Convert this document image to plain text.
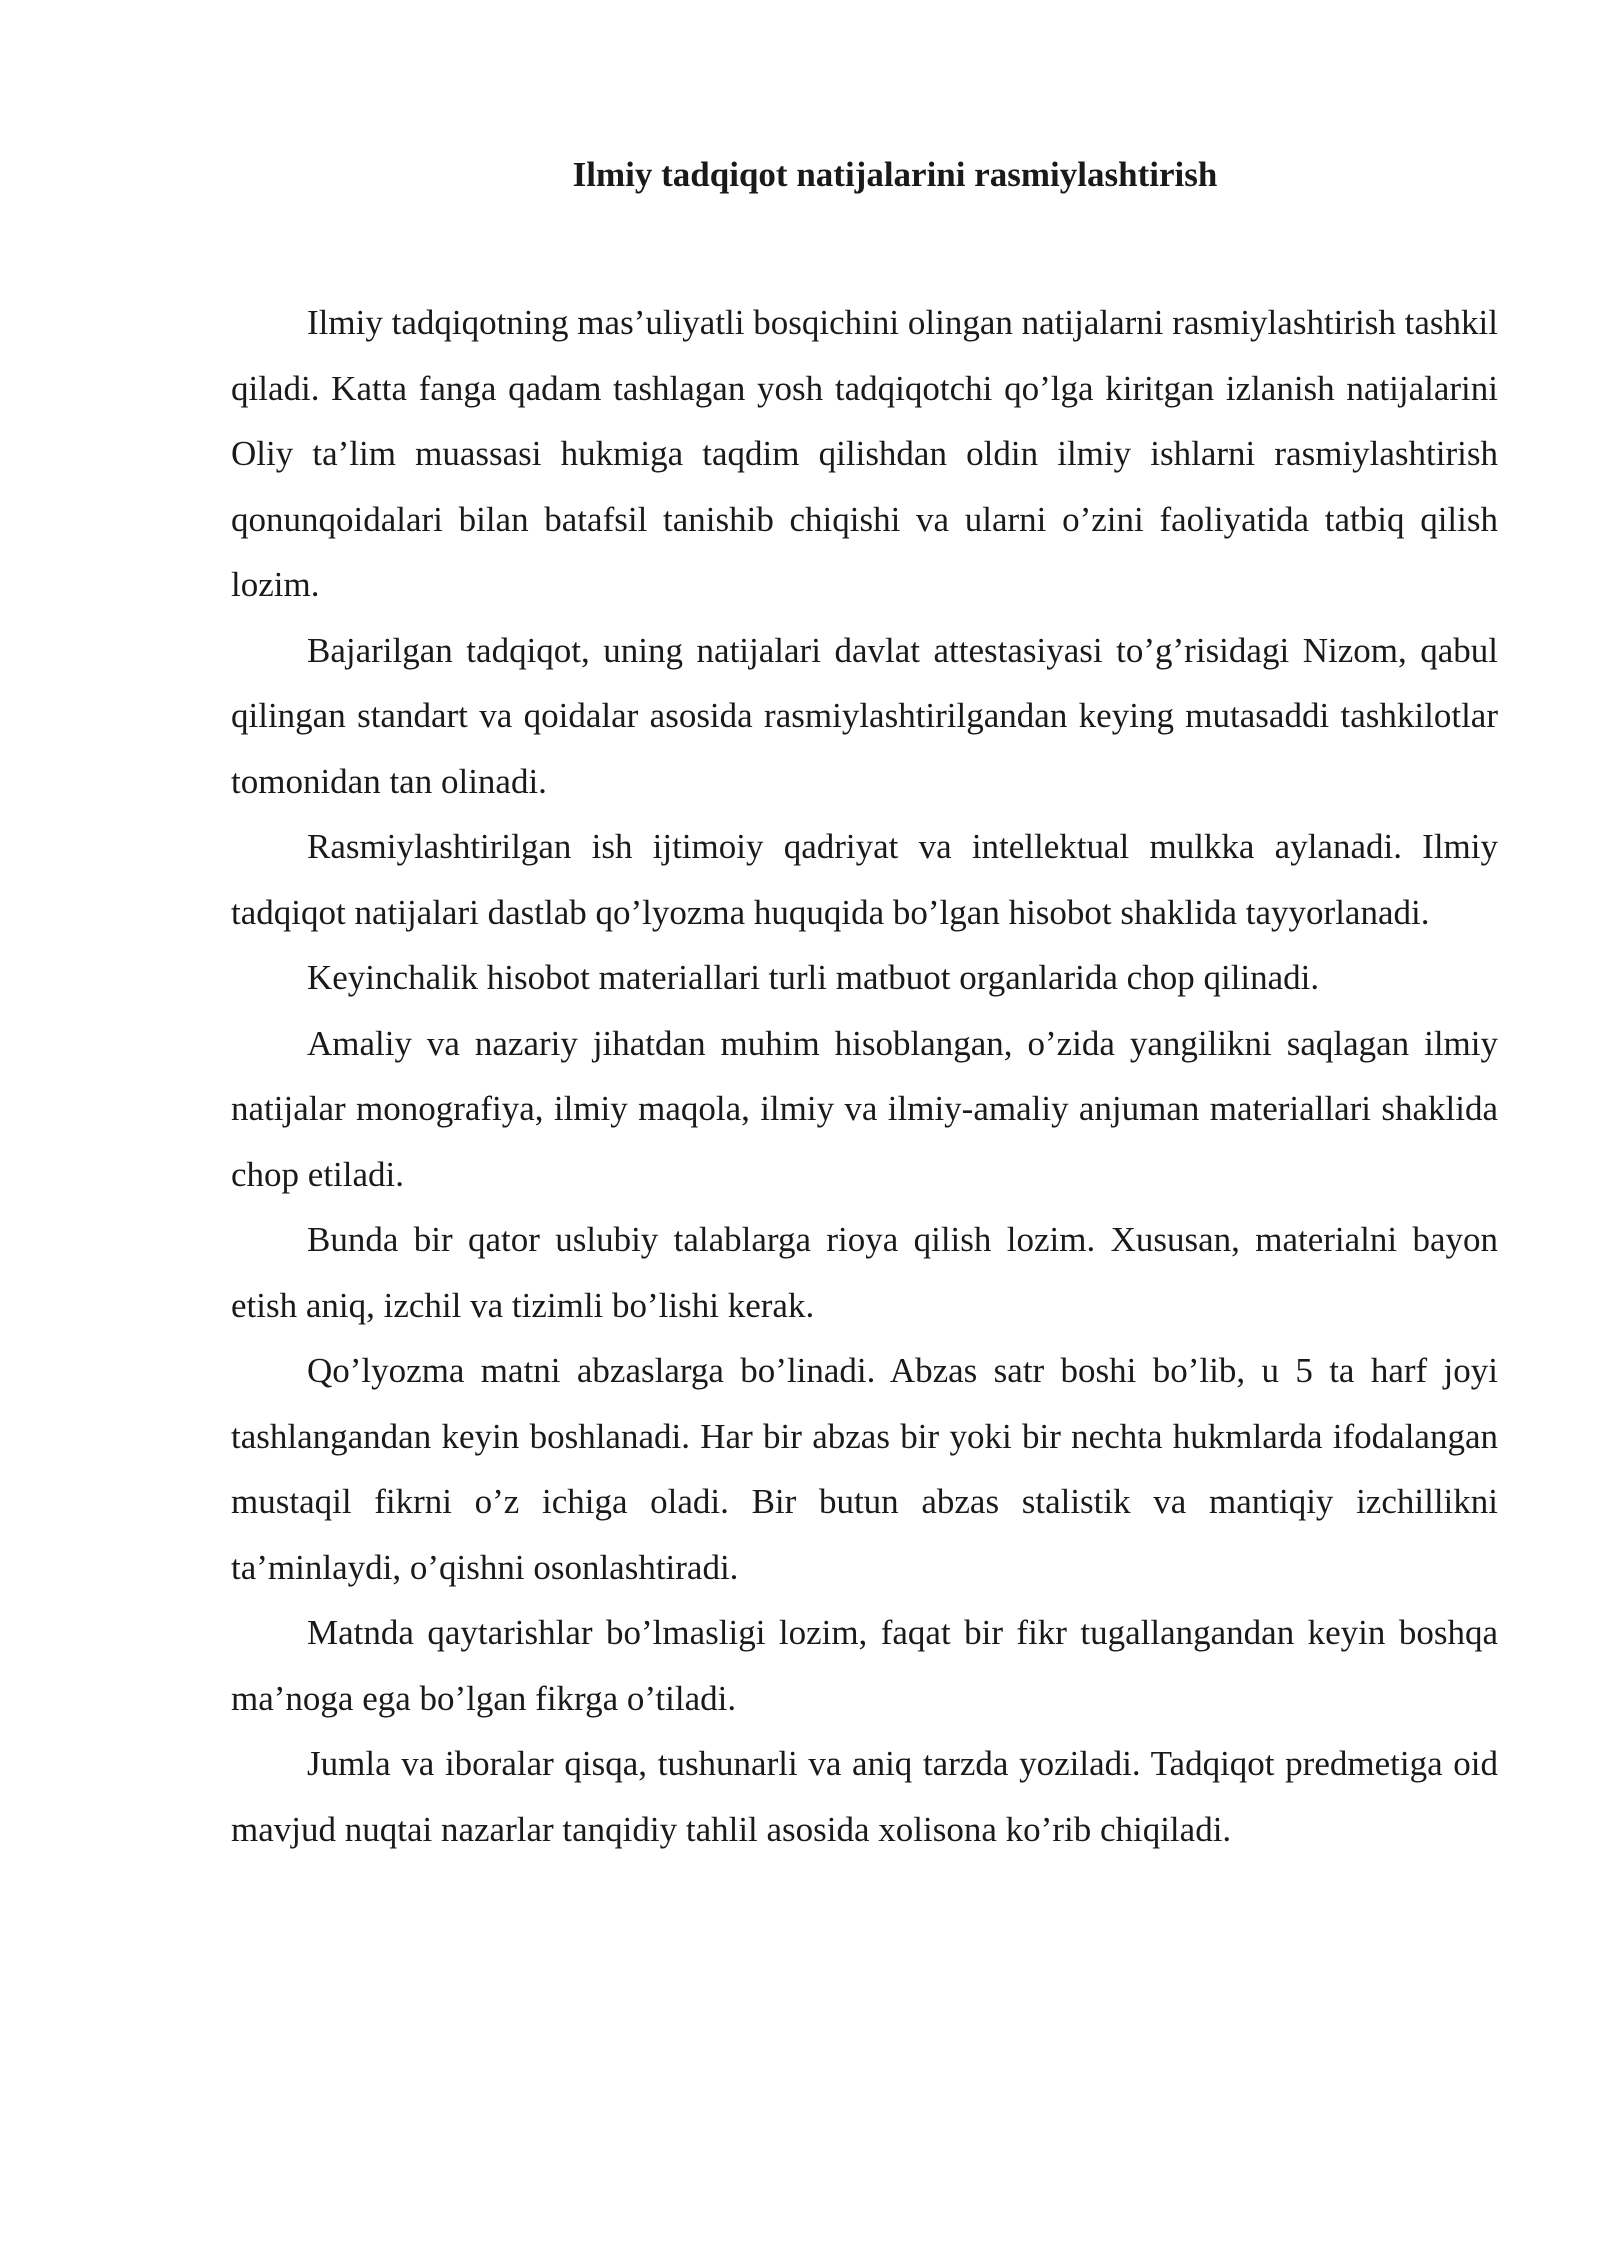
Ilmiy tadqiqot natijalarini rasmiylashtirish

Ilmiy tadqiqotning mas’uliyatli bosqichini olingan natijalarni rasmiylashtirish tashkil qiladi. Katta fanga qadam tashlagan yosh tadqiqotchi qo’lga kiritgan izlanish natijalarini Oliy ta’lim muassasi hukmiga taqdim qilishdan oldin ilmiy ishlarni rasmiylashtirish qonunqoidalari bilan batafsil tanishib chiqishi va ularni o’zini faoliyatida tatbiq qilish lozim.

Bajarilgan tadqiqot, uning natijalari davlat attestasiyasi to’g’risidagi Nizom, qabul qilingan standart va qoidalar asosida rasmiylashtirilgandan keying mutasaddi tashkilotlar tomonidan tan olinadi.

Rasmiylashtirilgan ish ijtimoiy qadriyat va intellektual mulkka aylanadi. Ilmiy tadqiqot natijalari dastlab qo’lyozma huquqida bo’lgan hisobot shaklida tayyorlanadi.

Keyinchalik hisobot materiallari turli matbuot organlarida chop qilinadi.

Amaliy va nazariy jihatdan muhim hisoblangan, o’zida yangilikni saqlagan ilmiy natijalar monografiya, ilmiy maqola, ilmiy va ilmiy-amaliy anjuman materiallari shaklida chop etiladi.

Bunda bir qator uslubiy talablarga rioya qilish lozim. Xususan, materialni bayon etish aniq, izchil va tizimli bo’lishi kerak.

Qo’lyozma matni abzaslarga bo’linadi. Abzas satr boshi bo’lib, u 5 ta harf joyi tashlangandan keyin boshlanadi. Har bir abzas bir yoki bir nechta hukmlarda ifodalangan mustaqil fikrni o’z ichiga oladi. Bir butun abzas stalistik va mantiqiy izchillikni ta’minlaydi, o’qishni osonlashtiradi.

Matnda qaytarishlar bo’lmasligi lozim, faqat bir fikr tugallangandan keyin boshqa ma’noga ega bo’lgan fikrga o’tiladi.

Jumla va iboralar qisqa, tushunarli va aniq tarzda yoziladi. Tadqiqot predmetiga oid mavjud nuqtai nazarlar tanqidiy tahlil asosida xolisona ko’rib chiqiladi.
